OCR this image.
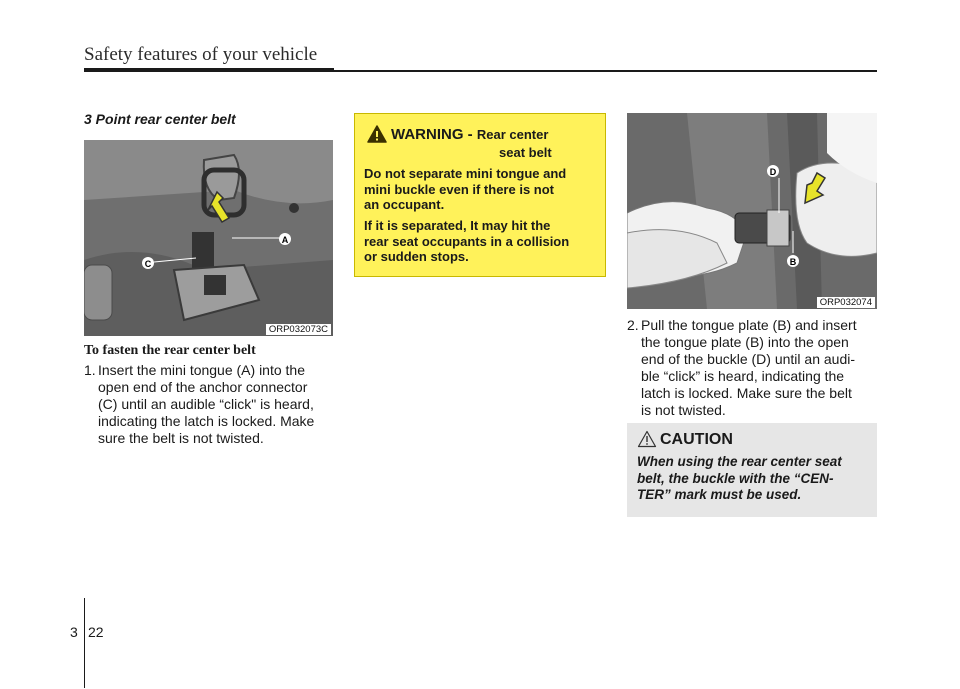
Safety features of your vehicle
3 Point rear center belt
A
C
ORP032073C
To fasten the rear center belt
1. Insert the mini tongue (A) into the
open end of the anchor connector
(C) until an audible “click" is heard,
indicating the latch is locked. Make
sure the belt is not twisted.
WARNING - Rear center
seat belt
Do not separate mini tongue and
mini buckle even if there is not
an occupant.
If it is separated, It may hit the
rear seat occupants in a collision
or sudden stops.
D
B
ORP032074
2. Pull the tongue plate (B) and insert
the tongue plate (B) into the open
end of the buckle (D) until an audi-
ble “click” is heard, indicating the
latch is locked. Make sure the belt
is not twisted.
CAUTION
When using the rear center seat
belt, the buckle with the “CEN-
TER” mark must be used.
3 22
